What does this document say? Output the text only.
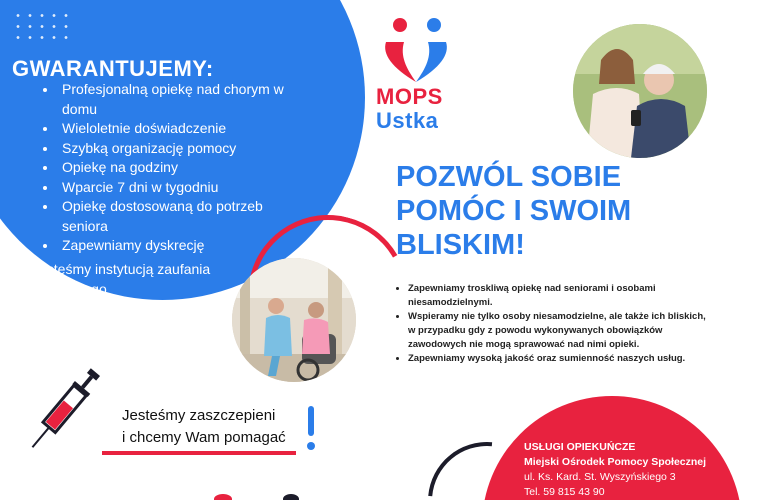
GWARANTUJEMY:
• Profesjonalną opiekę nad chorym w domu
• Wieloletnie doświadczenie
• Szybką organizację pomocy
• Opiekę na godziny
• Wparcie 7 dni w tygodniu
• Opiekę dostosowaną do potrzeb seniora
• Zapewniamy dyskrecję

Jesteśmy instytucją zaufania publicznego

MOPS

Ustka

POZWÓL SOBIE POMÓC I SWOIM BLISKIM!
• Zapewniamy troskliwą opiekę nad seniorami i osobami niesamodzielnymi.
• Wspieramy nie tylko osoby niesamodzielne, ale także ich bliskich, w przypadku gdy z powodu wykonywanych obowiązków zawodowych nie mogą sprawować nad nimi opieki.
• Zapewniamy wysoką jakość oraz sumienność naszych usług.

Jesteśmy zaszczepieni
i chcemy Wam pomagać

USŁUGI OPIEKUŃCZE
Miejski Ośrodek Pomocy Społecznej
ul. Ks. Kard. St. Wyszyńskiego 3
Tel. 59 815 43 90
